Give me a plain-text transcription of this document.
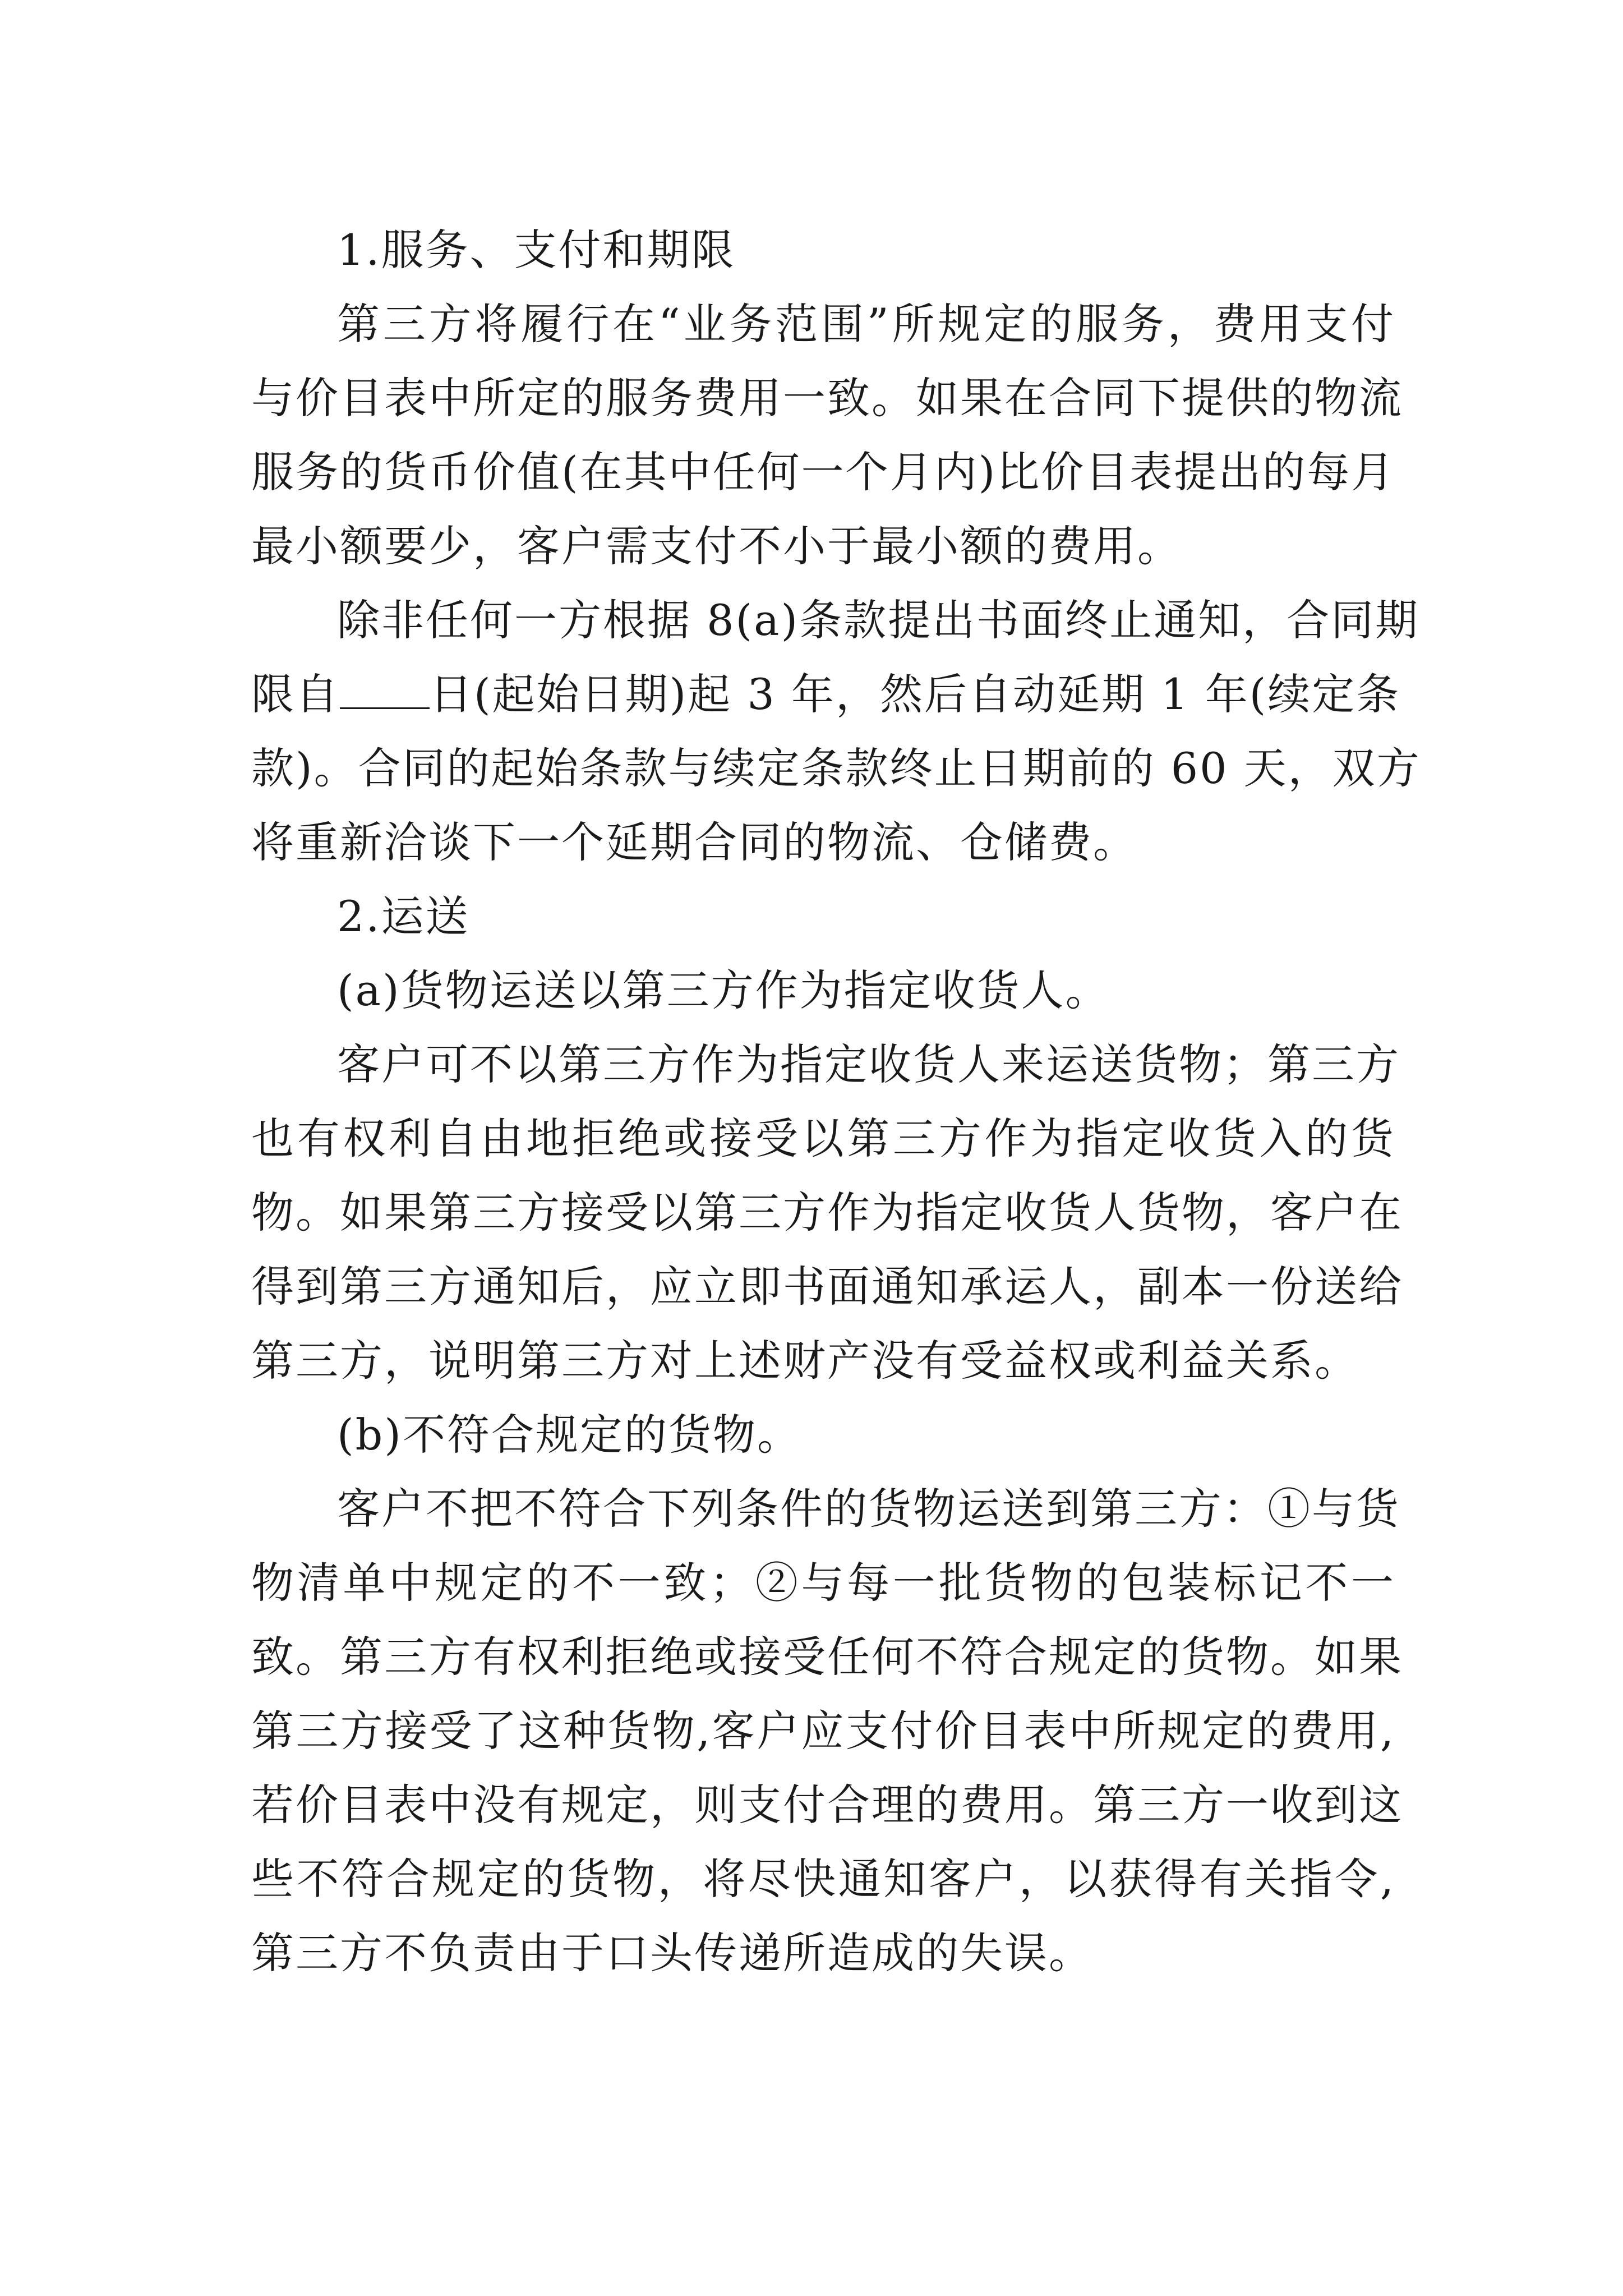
1.服务、支付和期限
第三方将履行在“业务范围”所规定的服务，费用支付
与价目表中所定的服务费用一致。如果在合同下提供的物流
服务的货币价值(在其中任何一个月内)比价目表提出的每月
最小额要少，客户需支付不小于最小额的费用。
除非任何一方根据 8(a)条款提出书面终止通知，合同期
限自 日(起始日期)起 3 年，然后自动延期 1 年(续定条
款)。合同的起始条款与续定条款终止日期前的 60 天，双方
将重新洽谈下一个延期合同的物流、仓储费。
2.运送
(a)货物运送以第三方作为指定收货人。
客户可不以第三方作为指定收货人来运送货物；第三方
也有权利自由地拒绝或接受以第三方作为指定收货入的货
物。如果第三方接受以第三方作为指定收货人货物，客户在
得到第三方通知后，应立即书面通知承运人，副本一份送给
第三方，说明第三方对上述财产没有受益权或利益关系。
(b)不符合规定的货物。
客户不把不符合下列条件的货物运送到第三方：①与货
物清单中规定的不一致；②与每一批货物的包装标记不一
致。第三方有权利拒绝或接受任何不符合规定的货物。如果
第三方接受了这种货物,客户应支付价目表中所规定的费用,
若价目表中没有规定，则支付合理的费用。第三方一收到这
些不符合规定的货物，将尽快通知客户，以获得有关指令,
第三方不负责由于口头传递所造成的失误。
